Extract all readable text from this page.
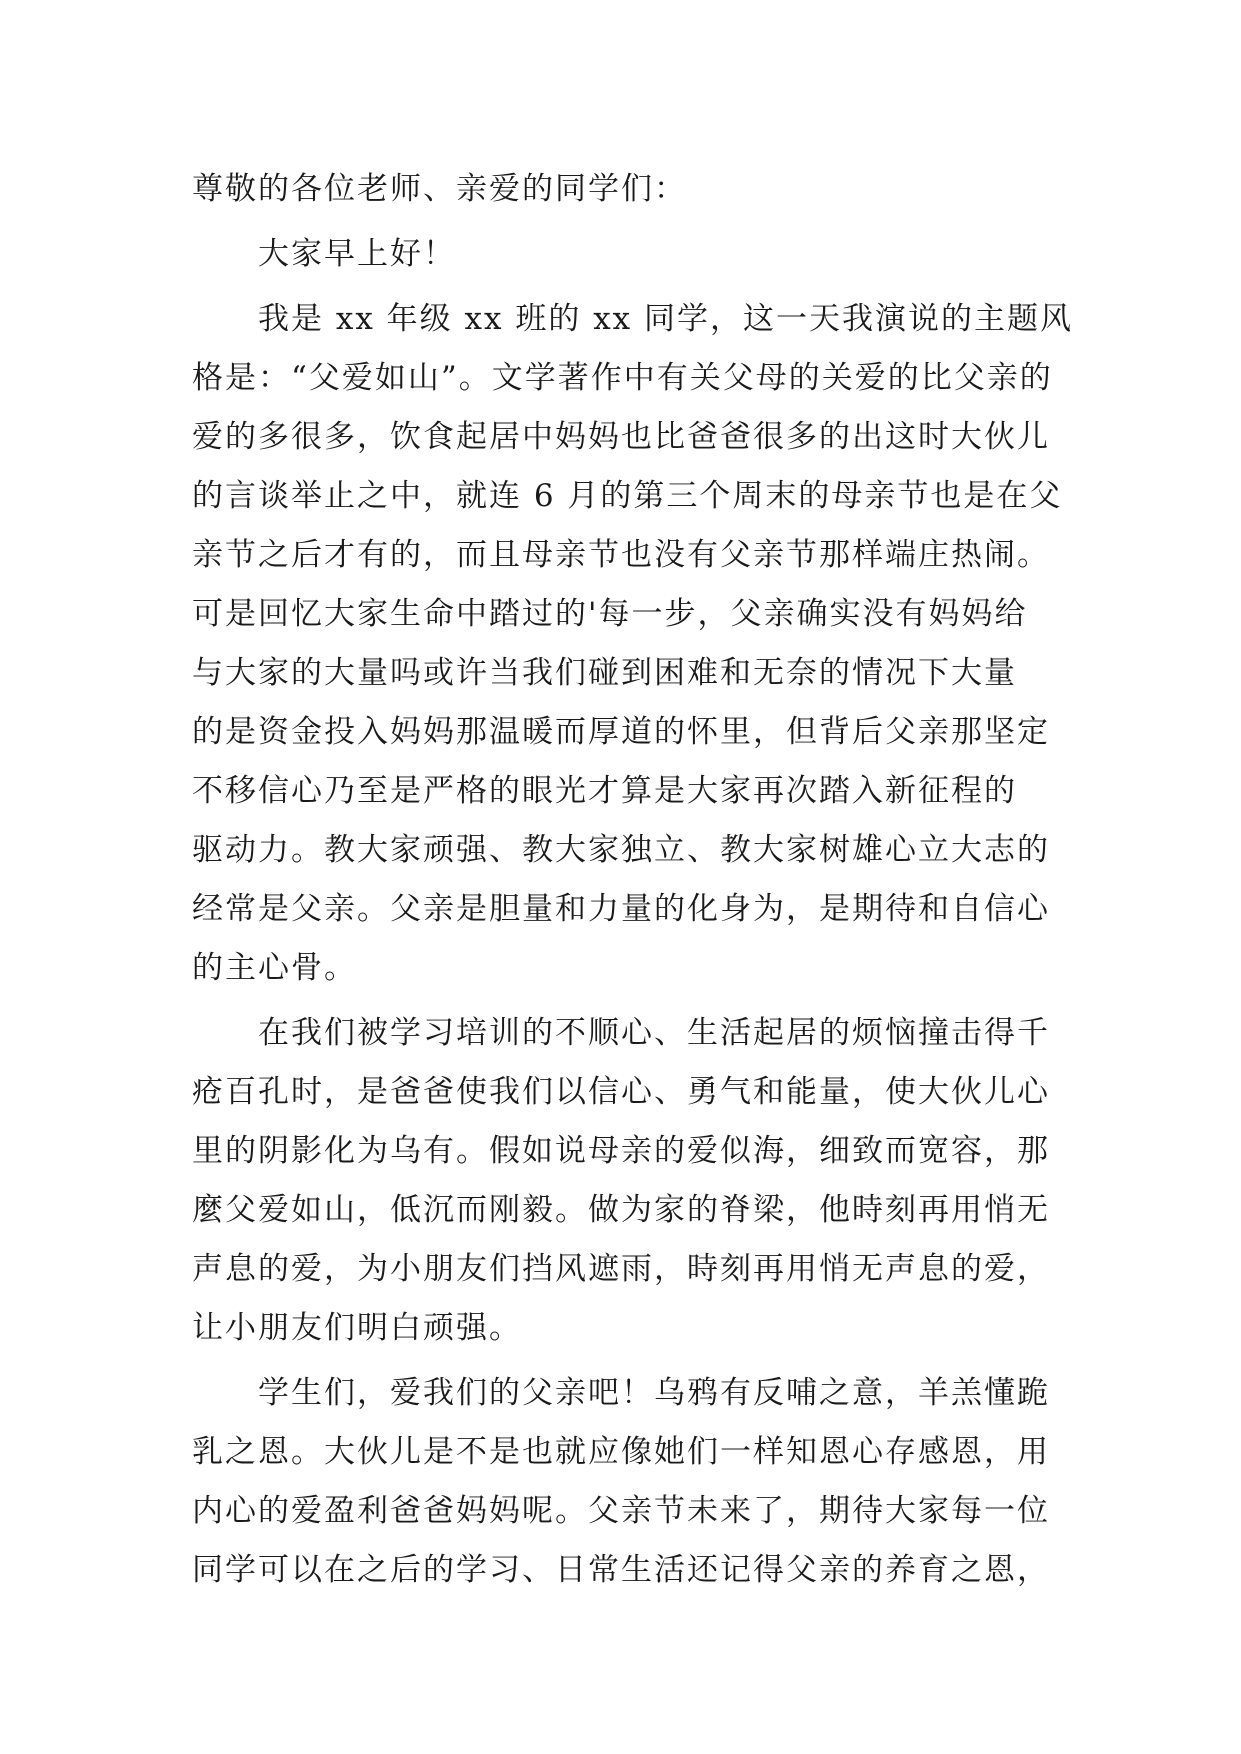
尊敬的各位老师、亲爱的同学们：
大家早上好！
我是 xx 年级 xx 班的 xx 同学，这一天我演说的主题风
格是：“父爱如山”。文学著作中有关父母的关爱的比父亲的
爱的多很多，饮食起居中妈妈也比爸爸很多的出这时大伙儿
的言谈举止之中，就连 6 月的第三个周末的母亲节也是在父
亲节之后才有的，而且母亲节也没有父亲节那样端庄热闹。
可是回忆大家生命中踏过的'每一步，父亲确实没有妈妈给
与大家的大量吗或许当我们碰到困难和无奈的情况下大量
的是资金投入妈妈那温暖而厚道的怀里，但背后父亲那坚定
不移信心乃至是严格的眼光才算是大家再次踏入新征程的
驱动力。教大家顽强、教大家独立、教大家树雄心立大志的
经常是父亲。父亲是胆量和力量的化身为，是期待和自信心
的主心骨。
在我们被学习培训的不顺心、生活起居的烦恼撞击得千
疮百孔时，是爸爸使我们以信心、勇气和能量，使大伙儿心
里的阴影化为乌有。假如说母亲的爱似海，细致而宽容，那
麼父爱如山，低沉而刚毅。做为家的脊梁，他時刻再用悄无
声息的爱，为小朋友们挡风遮雨，時刻再用悄无声息的爱，
让小朋友们明白顽强。
学生们，爱我们的父亲吧！乌鸦有反哺之意，羊羔懂跪
乳之恩。大伙儿是不是也就应像她们一样知恩心存感恩，用
内心的爱盈利爸爸妈妈呢。父亲节未来了，期待大家每一位
同学可以在之后的学习、日常生活还记得父亲的养育之恩，
